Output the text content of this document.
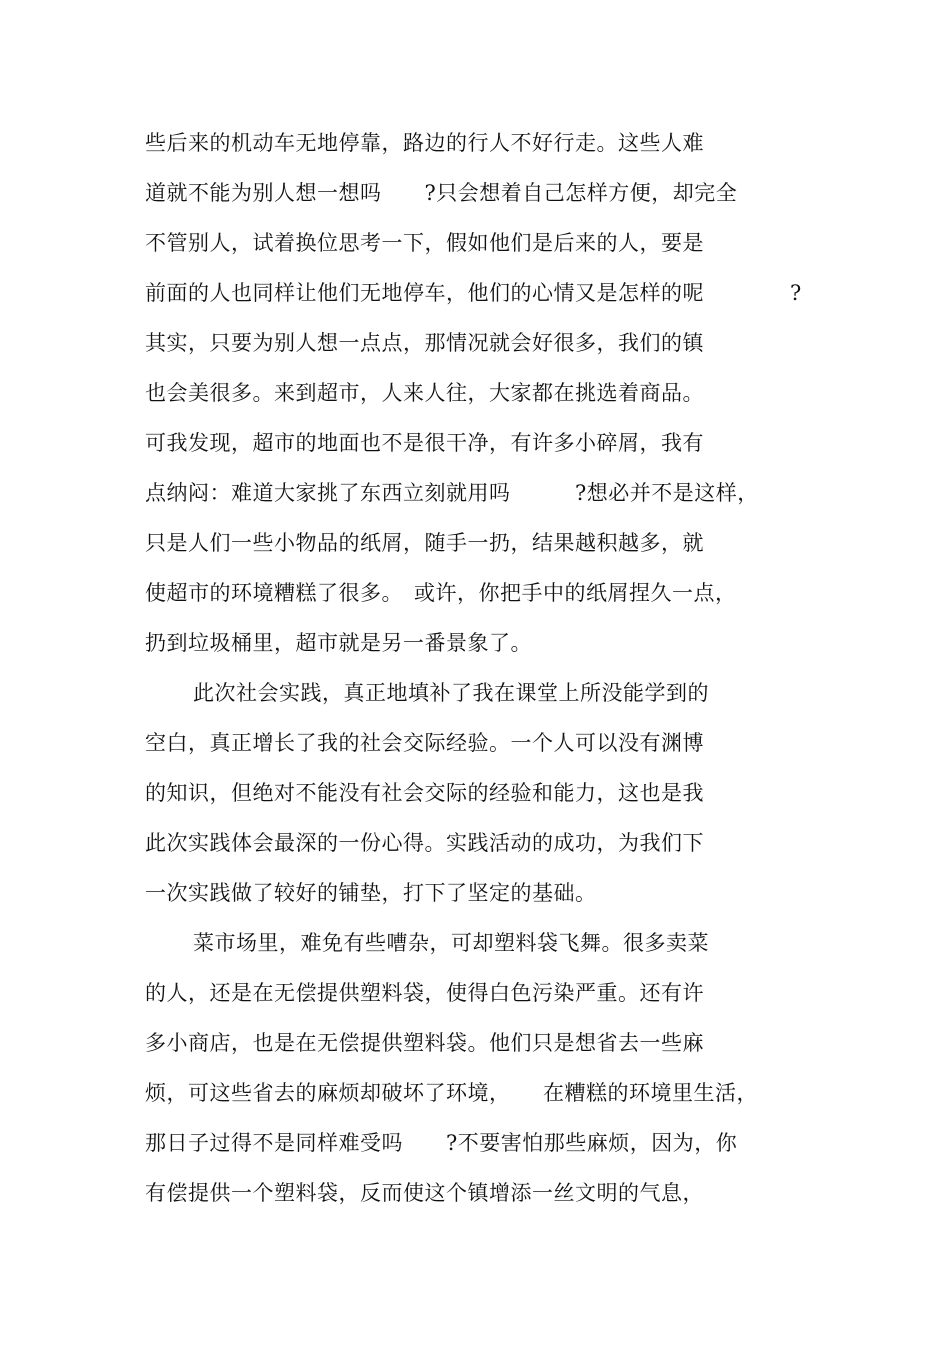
些后来的机动车无地停靠，路边的行人不好行走。这些人难
道就不能为别人想一想吗　　?只会想着自己怎样方便，却完全
不管别人，试着换位思考一下，假如他们是后来的人，要是
前面的人也同样让他们无地停车，他们的心情又是怎样的呢　　　　?
其实，只要为别人想一点点，那情况就会好很多，我们的镇
也会美很多。来到超市，人来人往，大家都在挑选着商品。
可我发现，超市的地面也不是很干净，有许多小碎屑，我有
点纳闷：难道大家挑了东西立刻就用吗　　　?想必并不是这样，
只是人们一些小物品的纸屑，随手一扔，结果越积越多，就
使超市的环境糟糕了很多。　或许，你把手中的纸屑捏久一点，
扔到垃圾桶里，超市就是另一番景象了。
此次社会实践，真正地填补了我在课堂上所没能学到的
空白，真正增长了我的社会交际经验。一个人可以没有渊博
的知识，但绝对不能没有社会交际的经验和能力，这也是我
此次实践体会最深的一份心得。实践活动的成功，为我们下
一次实践做了较好的铺垫，打下了坚定的基础。
菜市场里，难免有些嘈杂，可却塑料袋飞舞。很多卖菜
的人，还是在无偿提供塑料袋，使得白色污染严重。还有许
多小商店，也是在无偿提供塑料袋。他们只是想省去一些麻
烦，可这些省去的麻烦却破坏了环境，　　在糟糕的环境里生活，
那日子过得不是同样难受吗　　?不要害怕那些麻烦，因为，你
有偿提供一个塑料袋，反而使这个镇增添一丝文明的气息，
